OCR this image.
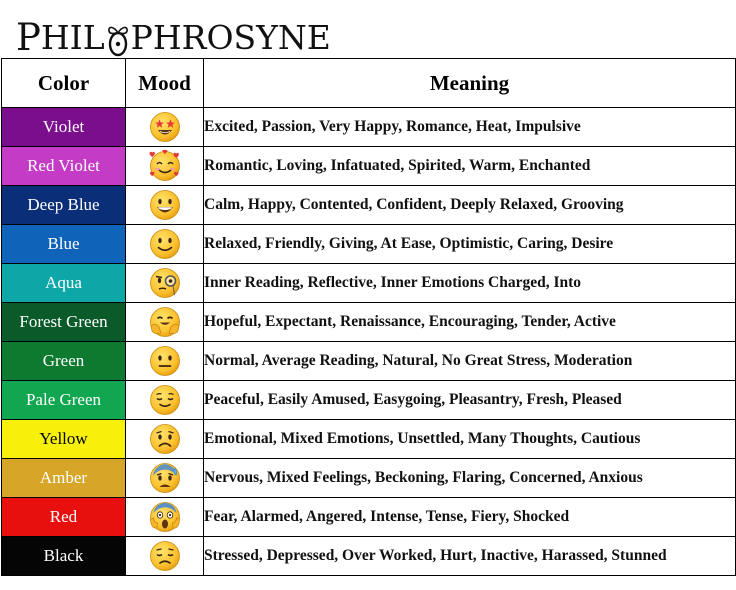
P HIL PHROSYNE
Color	Mood	Meaning
Violet		Excited, Passion, Very Happy, Romance, Heat, Impulsive
Red Violet		Romantic, Loving, Infatuated, Spirited, Warm, Enchanted
Deep Blue		Calm, Happy, Contented, Confident, Deeply Relaxed, Grooving
Blue		Relaxed, Friendly, Giving, At Ease, Optimistic, Caring, Desire
Aqua		Inner Reading, Reflective, Inner Emotions Charged, Into
Forest Green		Hopeful, Expectant, Renaissance, Encouraging, Tender, Active
Green		Normal, Average Reading, Natural, No Great Stress, Moderation
Pale Green		Peaceful, Easily Amused, Easygoing, Pleasantry, Fresh, Pleased
Yellow		Emotional, Mixed Emotions, Unsettled, Many Thoughts, Cautious
Amber		Nervous, Mixed Feelings, Beckoning, Flaring, Concerned, Anxious
Red		Fear, Alarmed, Angered, Intense, Tense, Fiery, Shocked
Black		Stressed, Depressed, Over Worked, Hurt, Inactive, Harassed, Stunned
